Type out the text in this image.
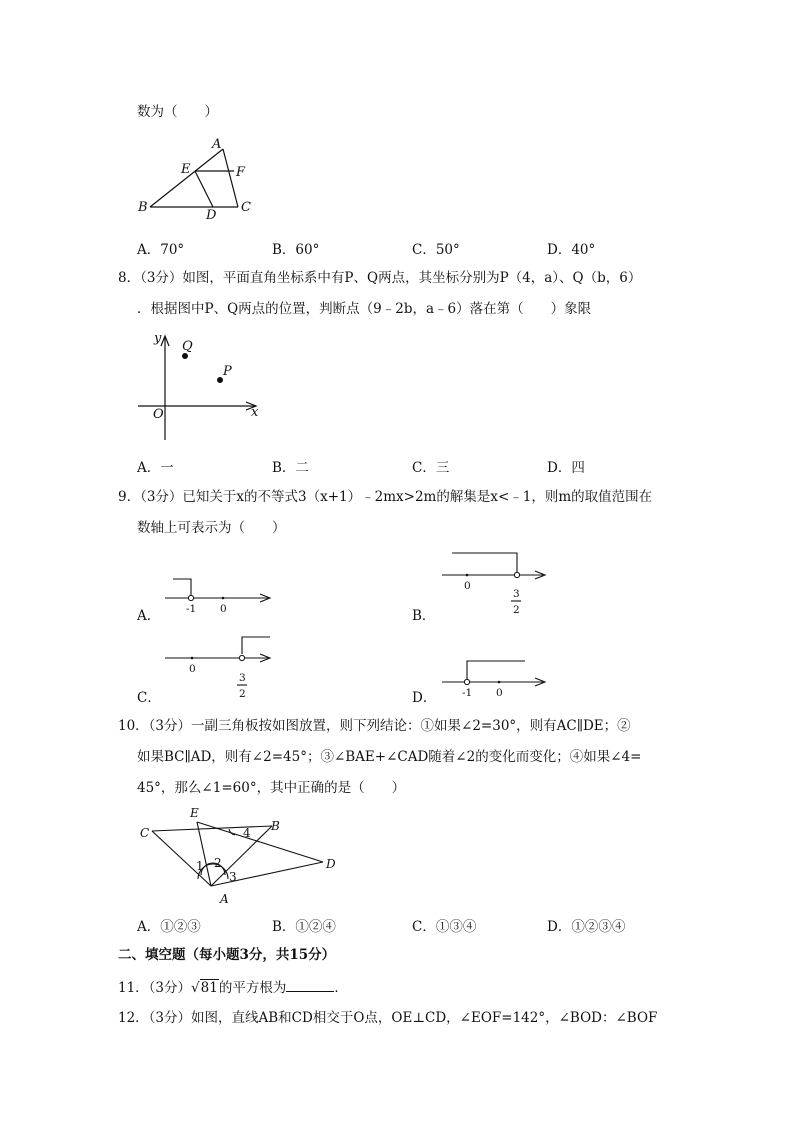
数为（　　）
A
E	F
B
D
C
A．70°	B．60°	C．50°	D．40°
8．（3分）如图，平面直角坐标系中有P、Q两点，其坐标分别为P（4，a）、Q（b，6）
．根据图中P、Q两点的位置，判断点（9﹣2b，a﹣6）落在第（　　）象限
y
Q
P
O	x
A．一	B．二	C．三	D．四
9．（3分）已知关于x的不等式3（x+1）﹣2mx>2m的解集是x<﹣1，则m的取值范围在
数轴上可表示为（　　）
A． -1 0	B．
0
3
2
C．
0
3
2	D． -1 0
10．（3分）一副三角板按如图放置，则下列结论：①如果∠2=30°，则有AC∥DE；②
如果BC∥AD，则有∠2=45°；③∠BAE+∠CAD随着∠2的变化而变化；④如果∠4=
45°，那么∠1=60°，其中正确的是（　　）
E
C	B
D
A
1 2
3
4
A．①②③	B．①②④	C．①③④	D．①②③④
二、填空题（每小题3分，共15分）
11．（3分）√81的平方根为	．
12．（3分）如图，直线AB和CD相交于O点，OE⊥CD，∠EOF=142°，∠BOD：∠BOF
